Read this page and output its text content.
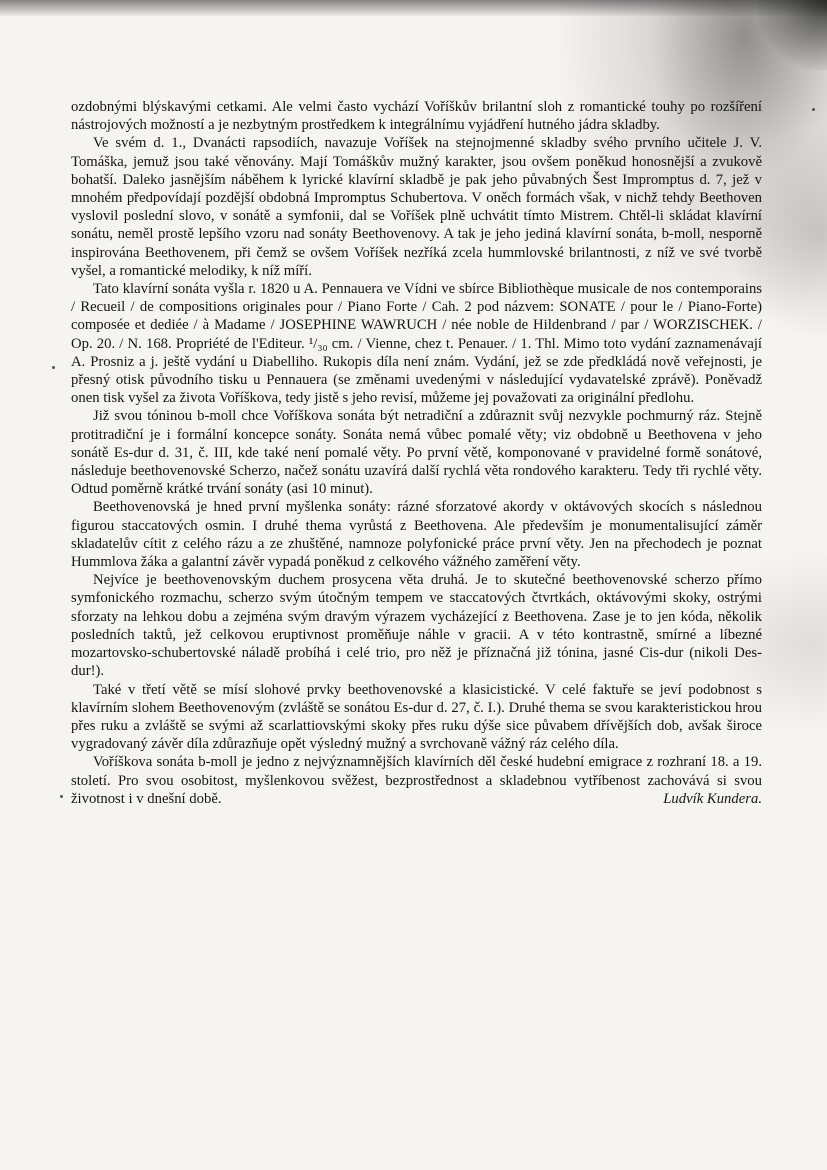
ozdobnými blýskavými cetkami. Ale velmi často vychází Voříškův brilantní sloh z romantické touhy po rozšíření nástrojových možností a je nezbytným prostředkem k integrálnímu vyjádření hutného jádra skladby.

Ve svém d. 1., Dvanácti rapsodiích, navazuje Voříšek na stejnojmenné skladby svého prvního učitele J. V. Tomáška, jemuž jsou také věnovány. Mají Tomáškův mužný karakter, jsou ovšem poněkud honosnější a zvukově bohatší. Daleko jasnějším náběhem k lyrické klavírní skladbě je pak jeho půvabných Šest Impromptus d. 7, jež v mnohém předpovídají pozdější obdobná Impromptus Schubertova. V oněch formách však, v nichž tehdy Beethoven vyslovil poslední slovo, v sonátě a symfonii, dal se Voříšek plně uchvátit tímto Mistrem. Chtěl-li skládat klavírní sonátu, neměl prostě lepšího vzoru nad sonáty Beethovenovy. A tak je jeho jediná klavírní sonáta, b-moll, nesporně inspirována Beethovenem, při čemž se ovšem Voříšek nezříká zcela hummlovské brilantnosti, z níž ve své tvorbě vyšel, a romantické melodiky, k níž míří.

Tato klavírní sonáta vyšla r. 1820 u A. Pennauera ve Vídni ve sbírce Bibliothèque musicale de nos contemporains / Recueil / de compositions originales pour / Piano Forte / Cah. 2 pod názvem: SONATE / pour le / Piano-Forte) composée et dediée / à Madame / JOSEPHINE WAWRUCH / née noble de Hildenbrand / par / WORZISCHEK. / Op. 20. / N. 168. Propriété de l'Editeur. ¹/₃₀ cm. / Vienne, chez t. Penauer. / 1. Thl. Mimo toto vydání zaznamenávají A. Prosniz a j. ještě vydání u Diabelliho. Rukopis díla není znám. Vydání, jež se zde předkládá nově veřejnosti, je přesný otisk původního tisku u Pennauera (se změnami uvedenými v následující vydavatelské zprávě). Poněvadž onen tisk vyšel za života Voříškova, tedy jistě s jeho revisí, můžeme jej považovati za originální předlohu.

Již svou tóninou b-moll chce Voříškova sonáta být netradiční a zdůraznit svůj nezvykle pochmurný ráz. Stejně protitradiční je i formální koncepce sonáty. Sonáta nemá vůbec pomalé věty; viz obdobně u Beethovena v jeho sonátě Es-dur d. 31, č. III, kde také není pomalé věty. Po první větě, komponované v pravidelné formě sonátové, následuje beethovenovské Scherzo, načež sonátu uzavírá další rychlá věta rondového karakteru. Tedy tři rychlé věty. Odtud poměrně krátké trvání sonáty (asi 10 minut).

Beethovenovská je hned první myšlenka sonáty: rázné sforzatové akordy v oktávových skocích s následnou figurou staccatových osmin. I druhé thema vyrůstá z Beethovena. Ale především je monumentalisující záměr skladatelův cítit z celého rázu a ze zhuštěné, namnoze polyfonické práce první věty. Jen na přechodech je poznat Hummlova žáka a galantní závěr vypadá poněkud z celkového vážného zaměření věty.

Nejvíce je beethovenovským duchem prosycena věta druhá. Je to skutečné beethovenovské scherzo přímo symfonického rozmachu, scherzo svým útočným tempem ve staccatových čtvrtkách, oktávovými skoky, ostrými sforzaty na lehkou dobu a zejména svým dravým výrazem vycházející z Beethovena. Zase je to jen kóda, několik posledních taktů, jež celkovou eruptivnost proměňuje náhle v gracii. A v této kontrastně, smírné a líbezné mozartovsko-schubertovské náladě probíhá i celé trio, pro něž je příznačná již tónina, jasné Cis-dur (nikoli Des-dur!).

Také v třetí větě se mísí slohové prvky beethovenovské a klasicistické. V celé faktuře se jeví podobnost s klavírním slohem Beethovenovým (zvláště se sonátou Es-dur d. 27, č. I.). Druhé thema se svou karakteristickou hrou přes ruku a zvláště se svými až scarlattiovskými skoky přes ruku dýše sice půvabem dřívějších dob, avšak široce vygradovaný závěr díla zdůrazňuje opět výsledný mužný a svrchovaně vážný ráz celého díla.

Voříškova sonáta b-moll je jedno z nejvýznamnějších klavírních děl české hudební emigrace z rozhraní 18. a 19. století. Pro svou osobitost, myšlenkovou svěžest, bezprostřednost a skladebnou vytříbenost zachovává si svou životnost i v dnešní době.	Ludvík Kundera.
